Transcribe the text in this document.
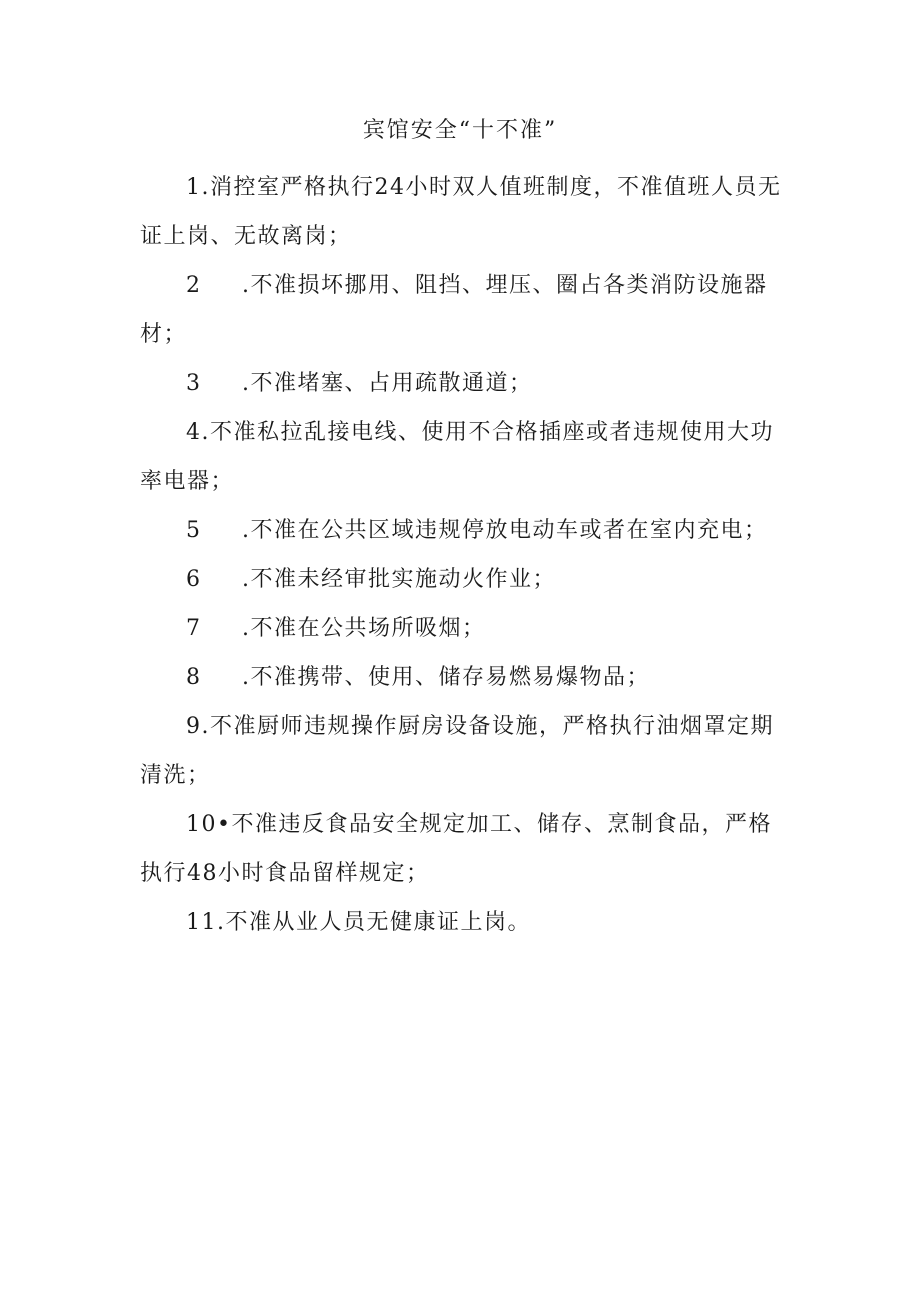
宾馆安全“十不准”

1.消控室严格执行24小时双人值班制度，不准值班人员无证上岗、无故离岗；

2 .不准损坏挪用、阻挡、埋压、圈占各类消防设施器材；

3 .不准堵塞、占用疏散通道；

4.不准私拉乱接电线、使用不合格插座或者违规使用大功率电器；

5 .不准在公共区域违规停放电动车或者在室内充电；

6 .不准未经审批实施动火作业；

7 .不准在公共场所吸烟；

8 .不准携带、使用、储存易燃易爆物品；

9.不准厨师违规操作厨房设备设施，严格执行油烟罩定期清洗；

10•不准违反食品安全规定加工、储存、烹制食品，严格执行48小时食品留样规定；

11.不准从业人员无健康证上岗。
